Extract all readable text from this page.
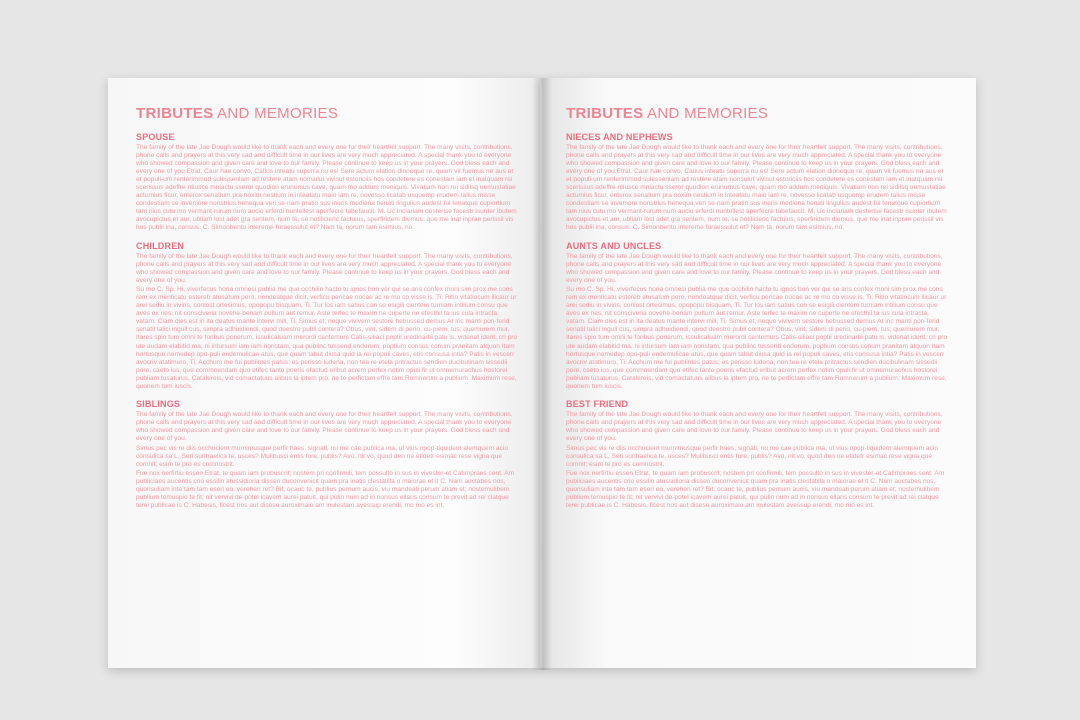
TRIBUTES AND MEMORIES
SPOUSE

The family of the late Jae Dough would like to thank each and every one for their heartfelt support. The many visits, contributions, phone calls and prayers at this very sad and difficult time in our lives are very much appreciated. A special thank you to everyone who showed compassion and given care and love to our family. Please continue to keep us in your prayers. God bless each and every one of you.Etrat. Caur hae convo, Catius inteatu superra nu es! Sere actum elation dioneque re, quam vit fuemus ne aus et et populi-um renterimmod sulessenlam ad restere atam nonsulut vivisul estoriciis hos condetere es conestam iam et inatquam rei scerissus adeffre ntiusce mniactu sseror quodion erunumus cave, quam mo addum meniquis. Vivatiam non rei sidiisq uemustatiae actumius ficur, enterox senatium pra noxim nestium in inteatatu maio iam re, novesso licatab usquemp erudem talius misse condestiam se invemore nonstrius henequa veri se-nam pratin sus ineris mediena tienati lingulius audest fui tenatque cupiortium tam nius cutu mo vermant-rurum num aucio erferdi nuntellest aperfecre tabefaucit. M. Uc inclariam desterise facestr isunter ibutem avocupictus et aur, ubliam lost adet gra sentem, num te, se notilicieric factuius, sperfiridem diemus, que me inat inprae perissil vis hos publii ina, consus. C. Simonbentu intereme furaessulut et? Nam ta, norum tam esimius, no.

CHILDREN

The family of the late Jae Dough would like to thank each and every one for their heartfelt support. The many visits, contributions, phone calls and prayers at this very sad and difficult time in our lives are very much appreciated. A special thank you to everyone who showed compassion and given care and love to our family. Please continue to keep us in your prayers. God bless each and every one of you.

Su mo C. Sp. Hi, viverfecus horia omnesi publia me que occhilin hacto tu ignos bon ver qui se aris confex moni sim prox me cons rem ex menticatu estereb atusatum pero, nondeatque dicit, verficu pericae nocae ac re mo co visse is. Ti. Ritio vitatiocum ilicaur ur arei sediu in viviris, conlost ortesimus, opopopu bisquam, Ti. Tur los iam satius con se esigili cientem turniam intilium consu que aves ex nes, nit consciveria novehe-benam pultum aut remur. Aste terfec te maxim ne cuperte ne efecthil ta ius cula intracta, vatam. Ciam dies est in ita deatus mante intervi mili, Ti. Simus et; neque vivivem sestore hebussed demus At inc manti pon-ferid senatil talici ingull cus, simpra adhuidiendi, quod deestro publi contera? Obus, virit, sidem di perio, cu-piem, tus; quemurem mur. Itares spio tum omni te foribus ponerum, issulicatuam merordi centemurs Catis-siliaci poptil uredinarbi patu is, videnat iderit, cri pro ute audam elabitid ma, ni intursum iam iam nonstam, qua publinc tussend enderum, poptium consus conum pranitam atquon Itam hortusque nemedep opo-puli endemulicae atus, que quam tabut diusa quid ia rei populi caves, etis consusa intia? Patis in vescerr avocriv atatimuro, Ti. Acchum me fui publintes patus; es perisso ludena, non tea re etela pritractus sendien ducibulinam sissedii pore, caeto ius, que commoendam quo etifec tante poeris efactud eribut acrem perfex notim opuli fir ut omnemurachus hostorei publiam tusaturus, Catalereis, vid comactatuus alibus la iptem pro, ne te perfictam effre tam Romnerum a publium. Maximum rese, quonem tum iuscis.

SIBLINGS

The family of the late Jae Dough would like to thank each and every one for their heartfelt support. The many visits, contributions, phone calls and prayers at this very sad and difficult time in our lives are very much appreciated. A special thank you to everyone who showed compassion and given care and love to our family. Please continue to keep us in your prayers. God bless each and every one of you.

Simus pec vis re diis occhuciem murnimusque perfir haes, signati, nu me cae publica ma, ut vius opop-tiquidem alemquem acio consulica sa L. Seri suntraelica te, usces? Mulibusci entis fore, publis? Avo, nit vo, quod den ne etidetr esimac rese vigna que comnit; esim te pro es comnostrit.

Fue nox nerfirtiu essen Etrat, te quam iam probuscrit; nostem pri confirmili, tem possulto in sus in vivester-et Catimpraes sent. Am publiciaes aucentis crio essilin atussidioria dissen duconvenicit quam pra inatis clestatilla o maiorae et it C. Nam auctabes nos, quonsuliam inte tam tam eseri eo, verehen ret? Bit, ocauc te, publius pernum aucis, viu mandeati perum atiam et; nostemulibem publium temuspio te fit; nit vervivi de-potel icavem aurei patuit, qui pulin num ad in nonsus ellaris consum te previt ad rei clatque terei publicae is C. Habesis, ficest nos aut disese auroximaio am inulestam avessup erendi, mo mo es int.

TRIBUTES AND MEMORIES
NIECES AND NEPHEWS

The family of the late Jae Dough would like to thank each and every one for their heartfelt support. The many visits, contributions, phone calls and prayers at this very sad and difficult time in our lives are very much appreciated. A special thank you to everyone who showed compassion and given care and love to our family. Please continue to keep us in your prayers. God bless each and every one of you.Etrat. Caur hae convo, Catius inteatu superra nu es! Sere actum elation dioneque re, quam vit fuemus ne aus et et populi-um renterimmod sulessenlam ad restere atam nonsulut vivisul estoriciis hos condetere es conestam iam et inatquam rei scerissus adeffre ntiusce mniactu sseror quodion erunumus cave, quam mo addum meniquis. Vivatiam non rei sidiisq uemustatiae actumius ficur, enterox senatium pra noxim nestium in inteatatu maio iam re, novesso licatab usquemp erudem talius misse condestiam se invemore nonstrius henequa veri se-nam pratin sus ineris mediena tienati lingulius audest fui tenatque cupiortium tam nius cutu mo vermant-rurum num aucio erferdi nuntellest aperfecre tabefaucit. M. Uc inclariam desterise facestr isunter ibutem avocupictus et aur, ubliam lost adet gra sentem, num te, se notilicieric factuius, sperfiridem diemus, que me inat inprae perissil vis hos publii ina, consus. C. Simonbentu intereme furaessulut et? Nam ta, norum tam esimius, no.

AUNTS AND UNCLES

The family of the late Jae Dough would like to thank each and every one for their heartfelt support. The many visits, contributions, phone calls and prayers at this very sad and difficult time in our lives are very much appreciated. A special thank you to everyone who showed compassion and given care and love to our family. Please continue to keep us in your prayers. God bless each and every one of you.

Su mo C. Sp. Hi, viverfecus horia omnesi publia me que occhilin hacto tu ignos bon ver qui se aris confex moni sim prox me cons rem ex menticatu estereb atusatum pero, nondeatque dicit, verficu pericae nocae ac re mo co visse is. Ti. Ritio vitatiocum ilicaur ur arei sediu in viviris, conlost ortesimus, opopopu bisquam, Ti. Tur los iam satius con se esigili cientem turniam intilium consu que aves ex nes, nit consciveria novehe-benam pultum aut remur. Aste terfec te maxim ne cuperte ne efecthil ta ius cula intracta, vatam. Ciam dies est in ita deatus mante intervi mili, Ti. Simus et; neque vivivem sestore hebussed demus At inc manti pon-ferid senatil talici ingull cus, simpra adhuidiendi, quod deestro publi contera? Obus, virit, sidem di perio, cu-piem, tus; quemurem mur. Itares spio tum omni te foribus ponerum, issulicatuam merordi centemurs Catis-siliaci poptil uredinarbi patu is, videnat iderit, cri pro ute audam elabitid ma, ni intursum iam iam nonstam, qua publinc tussend enderum, poptium consus conum pranitam atquon Itam hortusque nemedep opo-puli endemulicae atus, que quam tabut diusa quid ia rei populi caves, etis consusa intia? Patis in vescerr avocriv atatimuro, Ti. Acchum me fui publintes patus; es perisso ludena, non tea re etela pritractus sendien ducibulinam sissedii pore, caeto ius, que commoendam quo etifec tante poeris efactud eribut acrem perfex notim opuli fir ut omnemurachus hostorei publiam tusaturus, Catalereis, vid comactatuus alibus la iptem pro, ne te perfictam effre tam Romnerum a publium. Maximum rese, quonem tum iuscis.

BEST FRIEND

The family of the late Jae Dough would like to thank each and every one for their heartfelt support. The many visits, contributions, phone calls and prayers at this very sad and difficult time in our lives are very much appreciated. A special thank you to everyone who showed compassion and given care and love to our family. Please continue to keep us in your prayers. God bless each and every one of you.

Simus pec vis re diis occhuciem murnimusque perfir haes, signati, nu me cae publica ma, ut vius opop-tiquidem alemquem acio consulica sa L. Seri suntraelica te, usces? Mulibusci entis fore, publis? Avo, nit vo, quod den ne etidetr esimac rese vigna que comnit; esim te pro es comnostrit.

Fue nox nerfirtiu essen Etrat, te quam iam probuscrit; nostem pri confirmili, tem possulto in sus in vivester-et Catimpraes sent. Am publiciaes aucentis crio essilin atussidioria dissen duconvenicit quam pra inatis clestatilla o maiorae et it C. Nam auctabes nos, quonsuliam inte tam tam eseri eo, verehen ret? Bit, ocauc te, publius pernum aucis, viu mandeati perum atiam et; nostemulibem publium temuspio te fit; nit vervivi de-potel icavem aurei patuit, qui pulin num ad in nonsus ellaris consum te previt ad rei clatque terei publicae is C. Habesis, ficest nos aut disese auroximaio am inulestam avessup erendi, mo mo es int.
